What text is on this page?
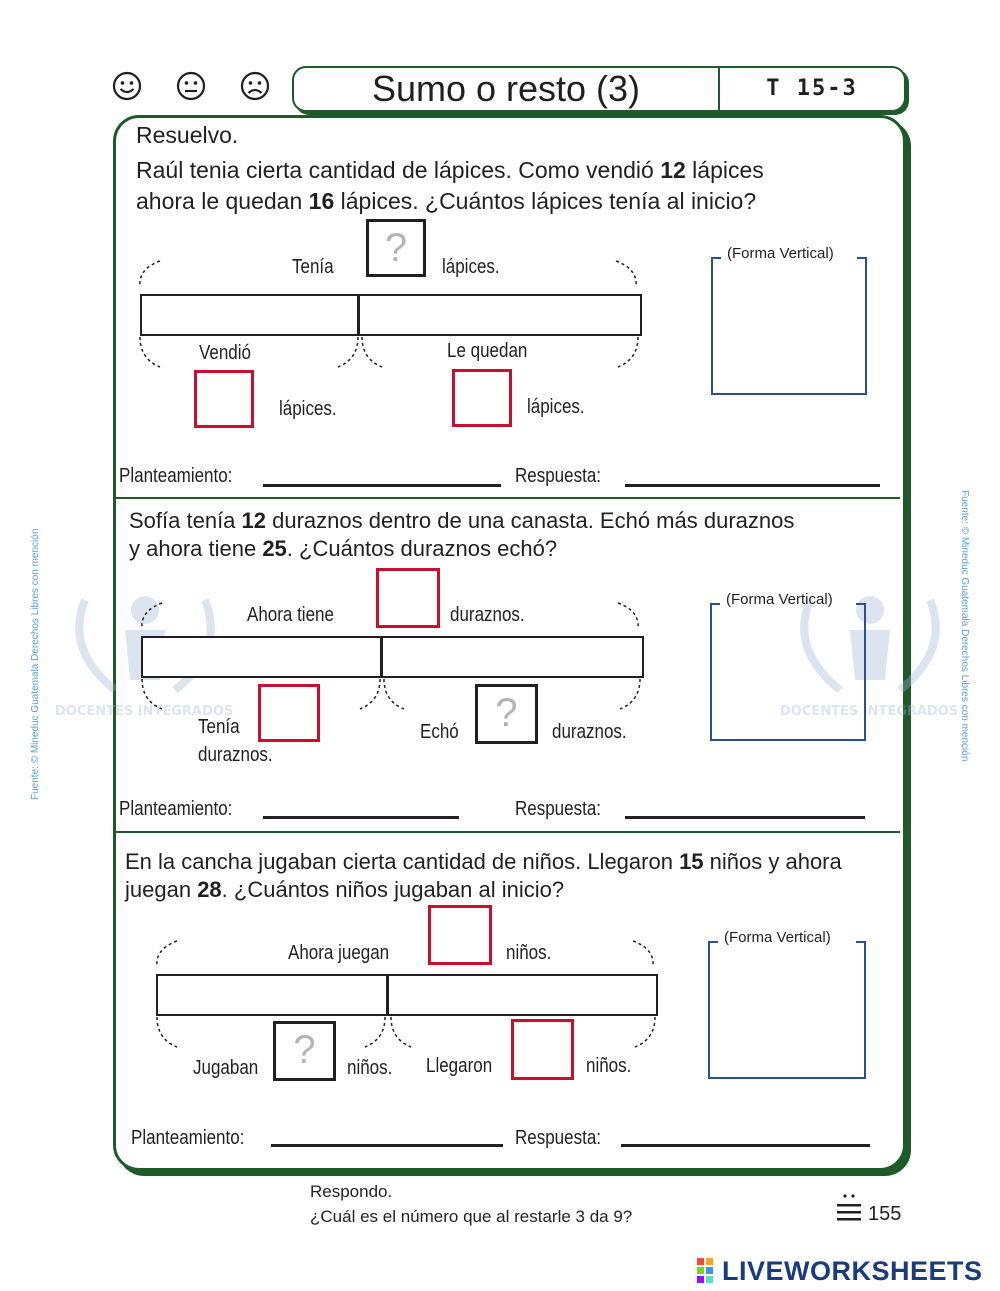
Sumo o resto (3)	T 15-3
Fuente: © Mineduc Guatemala Derechos Libres con mención	Fuente: © Mineduc Guatemala Derechos Libres con mención
DOCENTES INTEGRADOS	DOCENTES INTEGRADOS
Resuelvo.
Raúl tenia cierta cantidad de lápices. Como vendió 12 lápices
ahora le quedan 16 lápices. ¿Cuántos lápices tenía al inicio?
Tenía	?	lápices.
Vendió
lápices.
Le quedan
lápices.
(Forma Vertical)
Planteamiento:	Respuesta:
Sofía tenía 12 duraznos dentro de una canasta. Echó más duraznos
y ahora tiene 25. ¿Cuántos duraznos echó?
Ahora tiene	duraznos.
Tenía
duraznos.
Echó ?	duraznos.
(Forma Vertical)
Planteamiento:	Respuesta:
En la cancha jugaban cierta cantidad de niños. Llegaron 15 niños y ahora
juegan 28. ¿Cuántos niños jugaban al inicio?
Ahora juegan	niños.
Jugaban ?	niños. Llegaron	niños.
(Forma Vertical)
Planteamiento:	Respuesta:
Respondo.
¿Cuál es el número que al restarle 3 da 9?	155
LIVEWORKSHEETS
